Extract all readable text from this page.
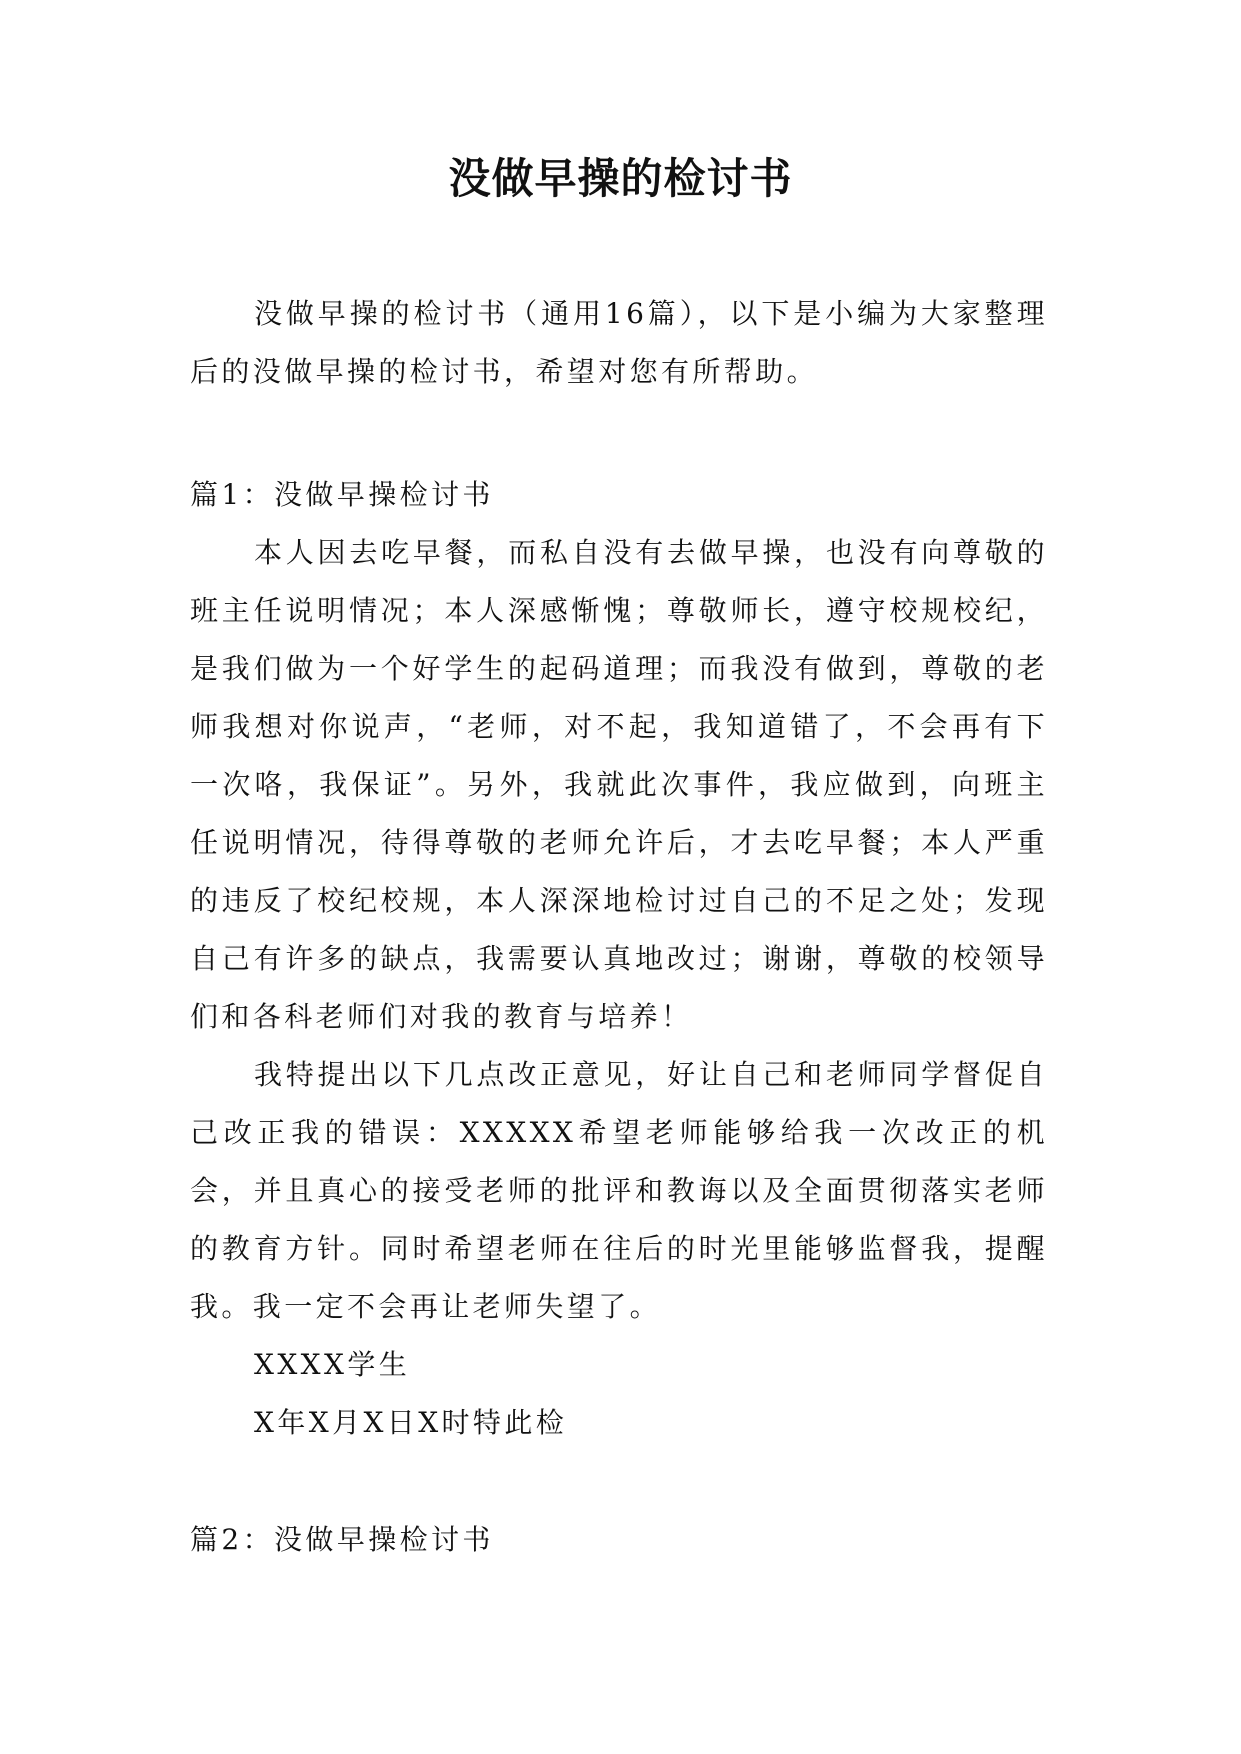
没做早操的检讨书

没做早操的检讨书（通用16篇），以下是小编为大家整理后的没做早操的检讨书，希望对您有所帮助。

篇1：没做早操检讨书

本人因去吃早餐，而私自没有去做早操，也没有向尊敬的班主任说明情况；本人深感惭愧；尊敬师长，遵守校规校纪，是我们做为一个好学生的起码道理；而我没有做到，尊敬的老师我想对你说声，“老师，对不起，我知道错了，不会再有下一次咯，我保证”。另外，我就此次事件，我应做到，向班主任说明情况，待得尊敬的老师允许后，才去吃早餐；本人严重的违反了校纪校规，本人深深地检讨过自己的不足之处；发现自己有许多的缺点，我需要认真地改过；谢谢，尊敬的校领导们和各科老师们对我的教育与培养！

我特提出以下几点改正意见，好让自己和老师同学督促自己改正我的错误：XXXXX希望老师能够给我一次改正的机会，并且真心的接受老师的批评和教诲以及全面贯彻落实老师的教育方针。同时希望老师在往后的时光里能够监督我，提醒我。我一定不会再让老师失望了。

XXXX学生

X年X月X日X时特此检

篇2：没做早操检讨书
